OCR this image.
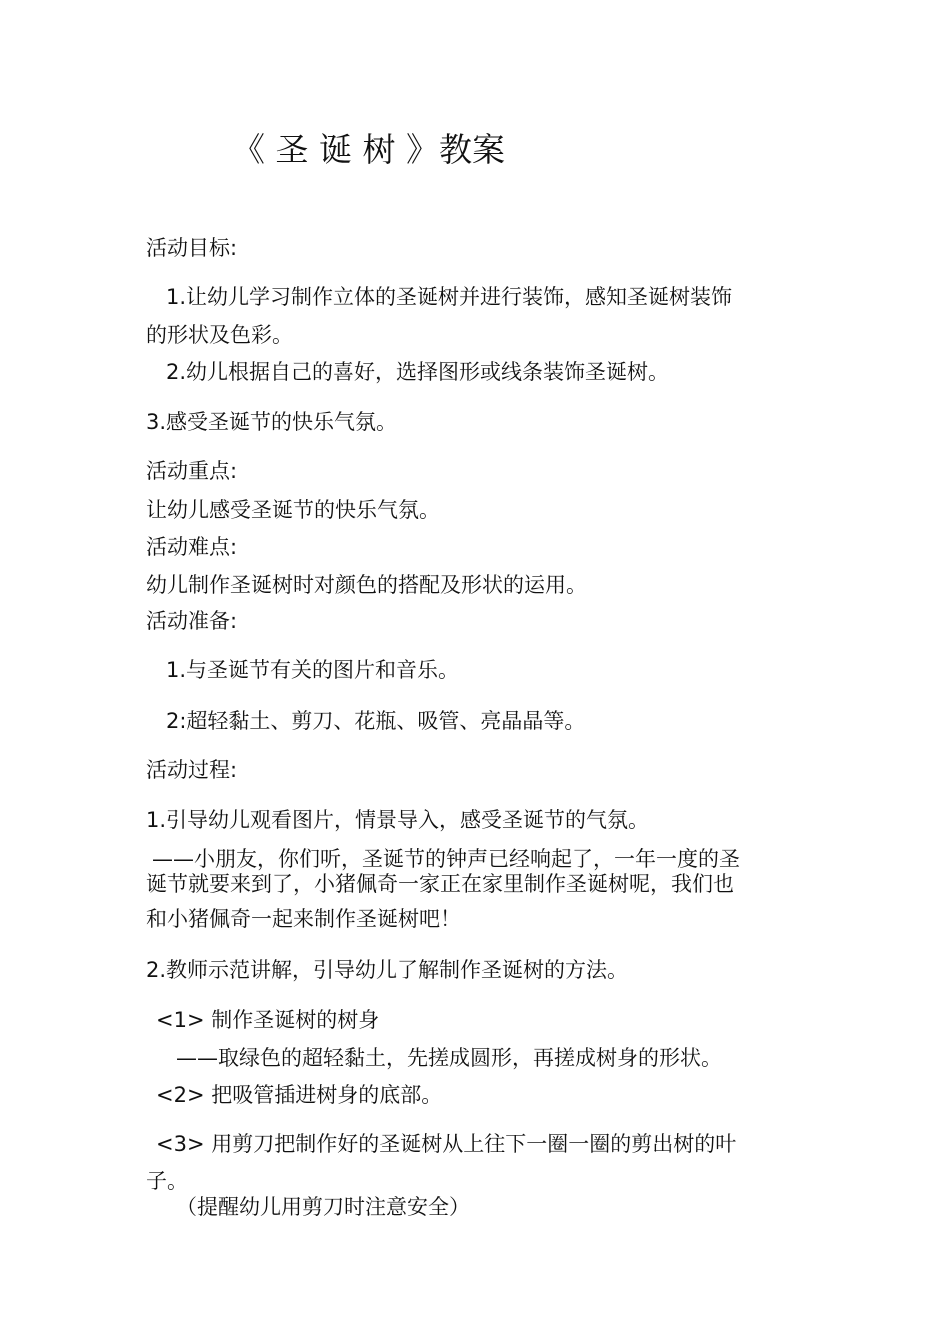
《 圣 诞 树 》教案
活动目标:
1.让幼儿学习制作立体的圣诞树并进行装饰，感知圣诞树装饰
的形状及色彩。
2.幼儿根据自己的喜好，选择图形或线条装饰圣诞树。
3.感受圣诞节的快乐气氛。
活动重点:
让幼儿感受圣诞节的快乐气氛。
活动难点:
幼儿制作圣诞树时对颜色的搭配及形状的运用。
活动准备:
1.与圣诞节有关的图片和音乐。
2:超轻黏土、剪刀、花瓶、吸管、亮晶晶等。
活动过程:
1.引导幼儿观看图片，情景导入，感受圣诞节的气氛。
——小朋友，你们听，圣诞节的钟声已经响起了，一年一度的圣
诞节就要来到了，小猪佩奇一家正在家里制作圣诞树呢，我们也
和小猪佩奇一起来制作圣诞树吧！
2.教师示范讲解，引导幼儿了解制作圣诞树的方法。
<1> 制作圣诞树的树身
——取绿色的超轻黏土，先搓成圆形，再搓成树身的形状。
<2> 把吸管插进树身的底部。
<3> 用剪刀把制作好的圣诞树从上往下一圈一圈的剪出树的叶
子。
（提醒幼儿用剪刀时注意安全）
